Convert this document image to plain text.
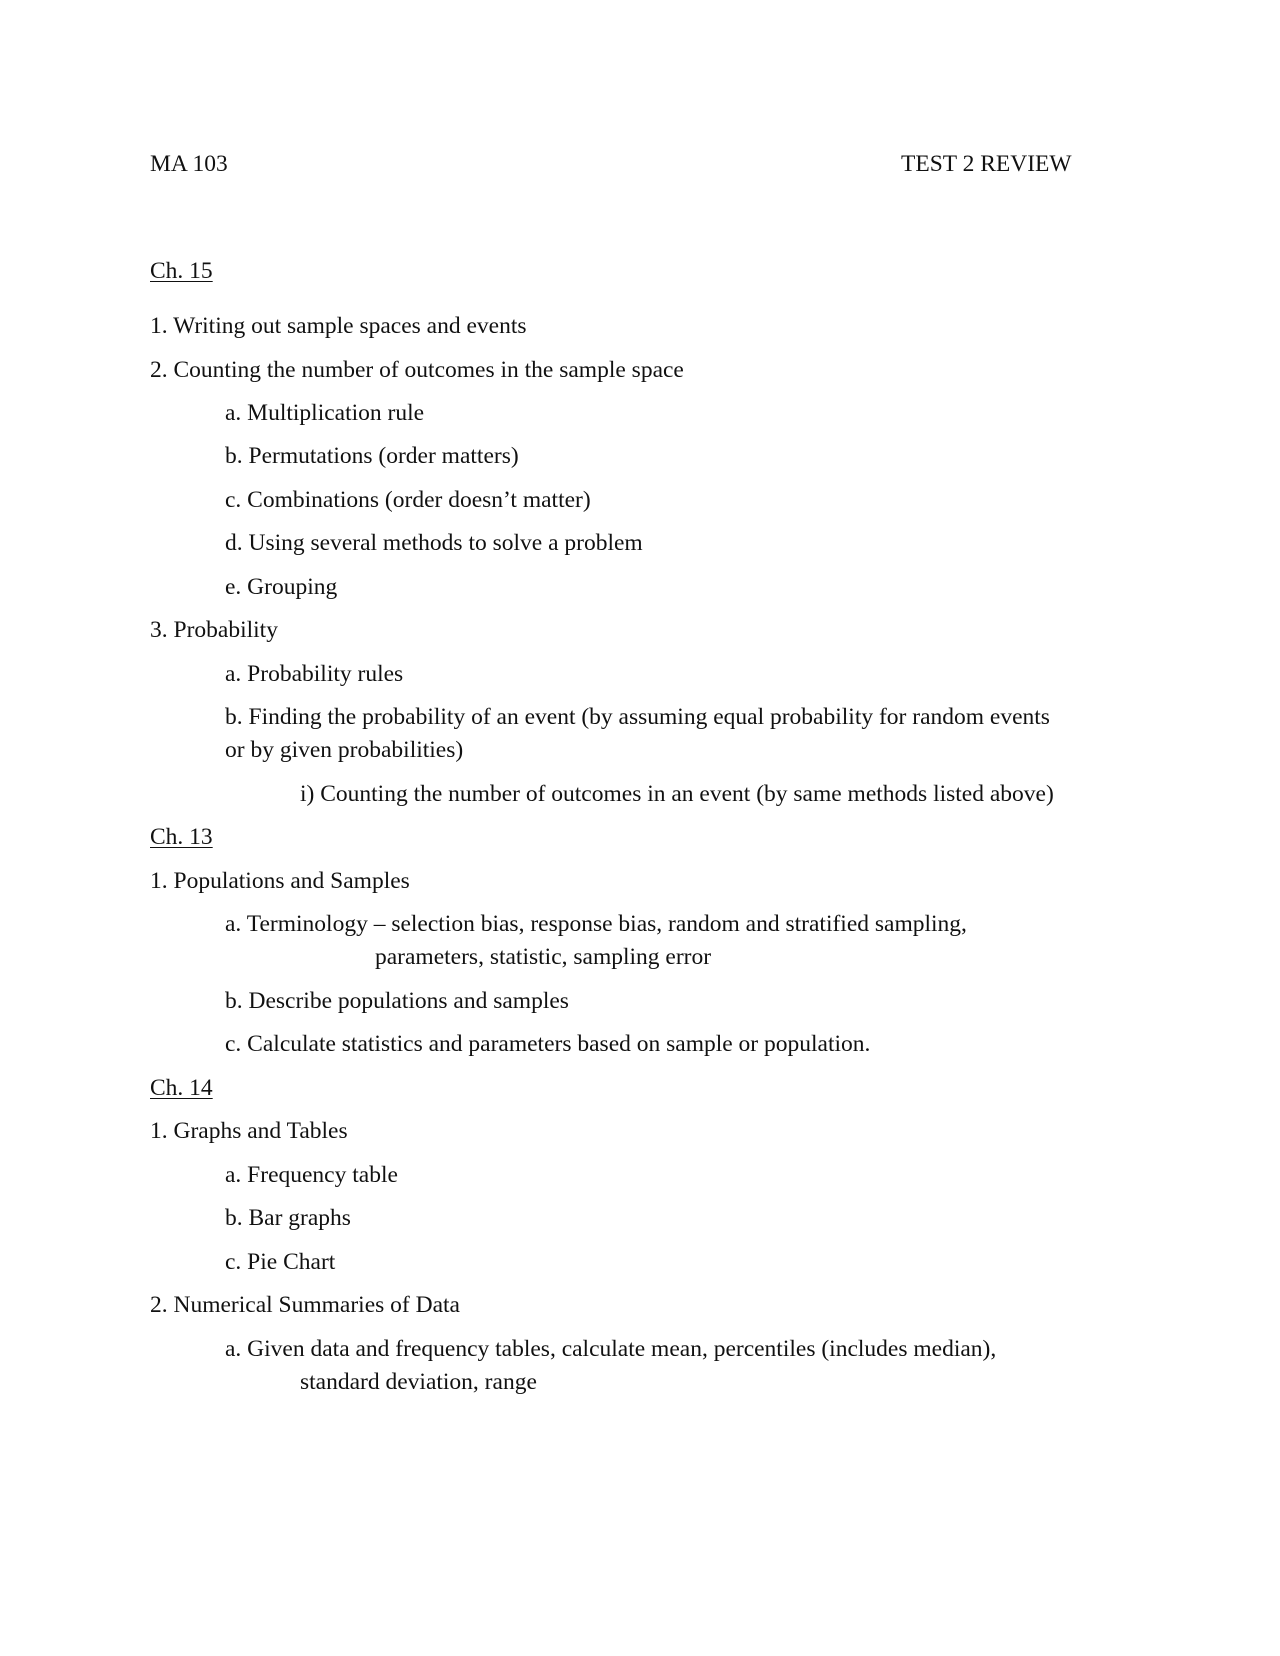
MA 103	TEST 2 REVIEW

Ch. 15

1. Writing out sample spaces and events

2. Counting the number of outcomes in the sample space

a. Multiplication rule

b. Permutations (order matters)

c. Combinations (order doesn’t matter)

d. Using several methods to solve a problem

e. Grouping

3. Probability

a. Probability rules

b. Finding the probability of an event (by assuming equal probability for random events

or by given probabilities)

i) Counting the number of outcomes in an event (by same methods listed above)

Ch. 13

1. Populations and Samples

a. Terminology – selection bias, response bias, random and stratified sampling,

parameters, statistic, sampling error

b. Describe populations and samples

c. Calculate statistics and parameters based on sample or population.

Ch. 14

1. Graphs and Tables

a. Frequency table

b. Bar graphs

c. Pie Chart

2. Numerical Summaries of Data

a. Given data and frequency tables, calculate mean, percentiles (includes median),

standard deviation, range
